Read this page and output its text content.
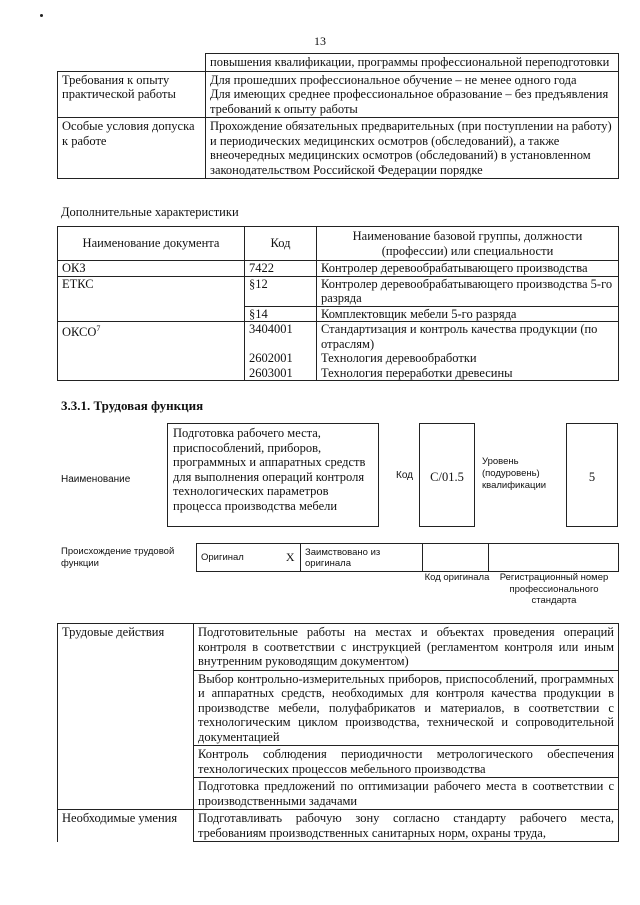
13
	повышения квалификации, программы профессиональной переподготовки
Требования к опыту практической работы	Для прошедших профессиональное обучение – не менее одного года
Для имеющих среднее профессиональное образование – без предъявления требований к опыту работы

Особые условия допуска к работе	Прохождение обязательных предварительных (при поступлении на работу) и периодических медицинских осмотров (обследований), а также внеочередных медицинских осмотров (обследований) в установленном законодательством Российской Федерации порядке
Дополнительные характеристики
Наименование документа	Код	Наименование базовой группы, должности (профессии) или специальности
ОКЗ	7422	Контролер деревообрабатывающего производства
ЕТКС	§12	Контролер деревообрабатывающего производства 5-го разряда
	§14	Комплектовщик мебели 5-го разряда
ОКСО$^7$	3404001	Стандартизация и контроль качества продукции (по отраслям)
	2602001	Технология деревообработки
	2603001	Технология переработки древесины
3.3.1. Трудовая функция
Наименование
Подготовка рабочего места, приспособлений, приборов, программных и аппаратных средств для выполнения операций контроля технологических параметров процесса производства мебели
Код	С/01.5
Уровень (подуровень) квалификации
5
Происхождение трудовой функции
Оригинал	X	Заимствовано из оригинала		
Код оригинала	Регистрационный номер профессионального стандарта
Трудовые действия	Подготовительные работы на местах и объектах проведения операций контроля в соответствии с инструкцией (регламентом контроля или иным внутренним руководящим документом)
	Выбор контрольно-измерительных приборов, приспособлений, программных и аппаратных средств, необходимых для контроля качества продукции в производстве мебели, полуфабрикатов и материалов, в соответствии с технологическим циклом производства, технической и сопроводительной документацией
	Контроль соблюдения периодичности метрологического обеспечения технологических процессов мебельного производства
	Подготовка предложений по оптимизации рабочего места в соответствии с производственными задачами
Необходимые умения	Подготавливать рабочую зону согласно стандарту рабочего места, требованиям производственных санитарных норм, охраны труда,
